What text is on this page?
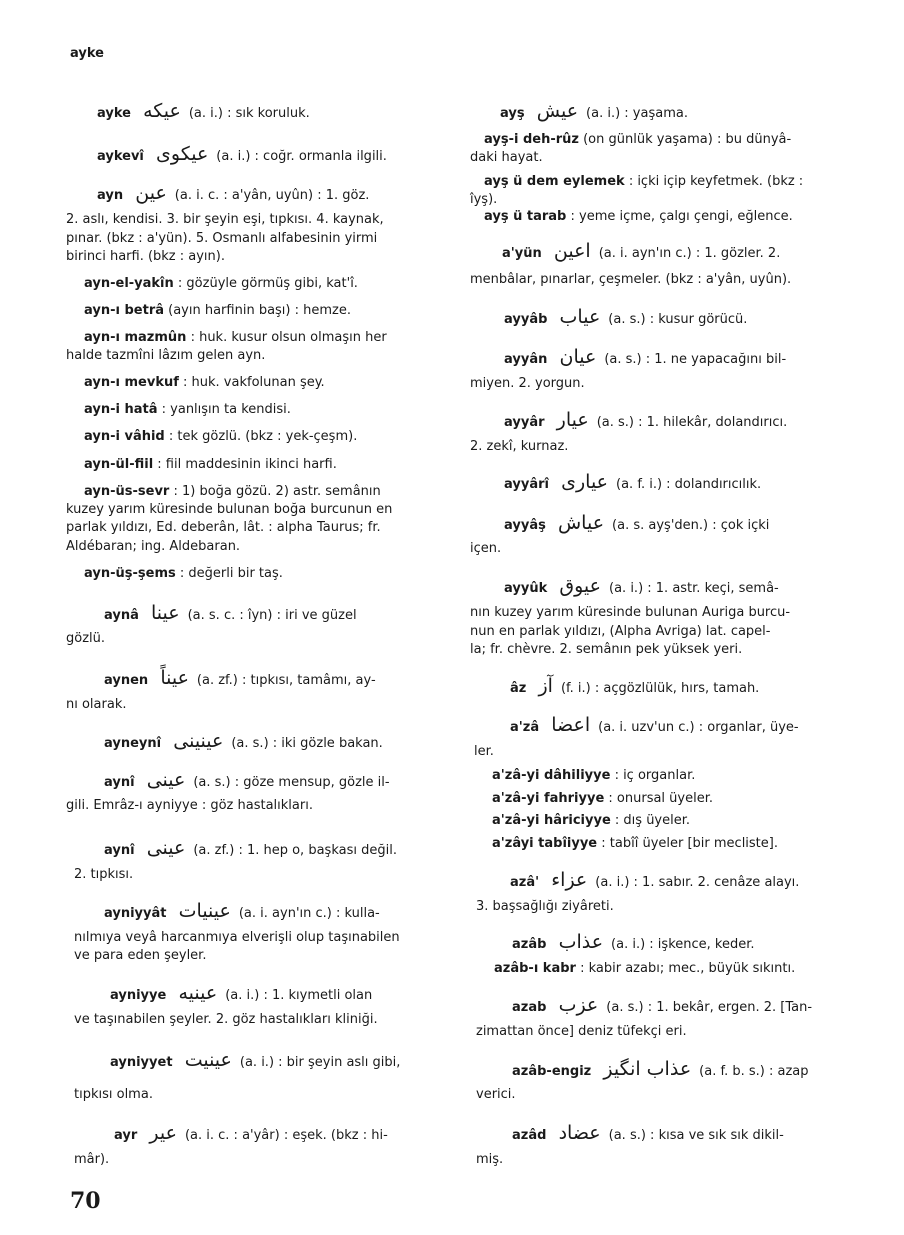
ayke
ayke عيكه (a. i.) : sık koruluk.
aykevî عيكوى (a. i.) : coğr. ormanla ilgili.
ayn عين (a. i. c. : a'yân, uyûn) : 1. göz.
2. aslı, kendisi. 3. bir şeyin eşi, tıpkısı. 4. kaynak,
pınar. (bkz : a'yün). 5. Osmanlı alfabesinin yirmi
birinci harfi. (bkz : ayın).
ayn-el-yakîn : gözüyle görmüş gibi, kat'î.
ayn-ı betrâ (ayın harfinin başı) : hemze.
ayn-ı mazmûn : huk. kusur olsun olmaşın her
halde tazmîni lâzım gelen ayn.
ayn-ı mevkuf : huk. vakfolunan şey.
ayn-i hatâ : yanlışın ta kendisi.
ayn-i vâhid : tek gözlü. (bkz : yek-çeşm).
ayn-ül-fiil : fiil maddesinin ikinci harfi.
ayn-üs-sevr : 1) boğa gözü. 2) astr. semânın
kuzey yarım küresinde bulunan boğa burcunun en
parlak yıldızı, Ed. deberân, lât. : alpha Taurus; fr.
Aldébaran; ing. Aldebaran.
ayn-üş-şems : değerli bir taş.
aynâ عينا (a. s. c. : îyn) : iri ve güzel
gözlü.
aynen عيناً (a. zf.) : tıpkısı, tamâmı, ay-
nı olarak.
ayneynî عينينى (a. s.) : iki gözle bakan.
aynî عينى (a. s.) : göze mensup, gözle il-
gili. Emrâz-ı ayniyye : göz hastalıkları.
aynî عينى (a. zf.) : 1. hep o, başkası değil.
2. tıpkısı.
ayniyyât عينيات (a. i. ayn'ın c.) : kulla-
nılmıya veyâ harcanmıya elverişli olup taşınabilen
ve para eden şeyler.
ayniyye عينيه (a. i.) : 1. kıymetli olan
ve taşınabilen şeyler. 2. göz hastalıkları kliniği.
ayniyyet عينيت (a. i.) : bir şeyin aslı gibi,
tıpkısı olma.
ayr عير (a. i. c. : a'yâr) : eşek. (bkz : hi-
mâr).
ayş عيش (a. i.) : yaşama.
ayş-i deh-rûz (on günlük yaşama) : bu dünyâ-
daki hayat.
ayş ü dem eylemek : içki içip keyfetmek. (bkz :
îyş).
ayş ü tarab : yeme içme, çalgı çengi, eğlence.
a'yün اعين (a. i. ayn'ın c.) : 1. gözler. 2.
menbâlar, pınarlar, çeşmeler. (bkz : a'yân, uyûn).
ayyâb عياب (a. s.) : kusur görücü.
ayyân عيان (a. s.) : 1. ne yapacağını bil-
miyen. 2. yorgun.
ayyâr عيار (a. s.) : 1. hilekâr, dolandırıcı.
2. zekî, kurnaz.
ayyârî عيارى (a. f. i.) : dolandırıcılık.
ayyâş عياش (a. s. ayş'den.) : çok içki
içen.
ayyûk عيوق (a. i.) : 1. astr. keçi, semâ-
nın kuzey yarım küresinde bulunan Auriga burcu-
nun en parlak yıldızı, (Alpha Avriga) lat. capel-
la; fr. chèvre. 2. semânın pek yüksek yeri.
âz آز (f. i.) : açgözlülük, hırs, tamah.
a'zâ اعضا (a. i. uzv'un c.) : organlar, üye-
ler.
a'zâ-yi dâhiliyye : iç organlar.
a'zâ-yi fahriyye : onursal üyeler.
a'zâ-yi hâriciyye : dış üyeler.
a'zâyi tabîiyye : tabîî üyeler [bir mecliste].
azâ' عزاء (a. i.) : 1. sabır. 2. cenâze alayı.
3. başsağlığı ziyâreti.
azâb عذاب (a. i.) : işkence, keder.
azâb-ı kabr : kabir azabı; mec., büyük sıkıntı.
azab عزب (a. s.) : 1. bekâr, ergen. 2. [Tan-
zimattan önce] deniz tüfekçi eri.
azâb-engiz عذاب انگيز (a. f. b. s.) : azap
verici.
azâd عضاد (a. s.) : kısa ve sık sık dikil-
miş.
70
